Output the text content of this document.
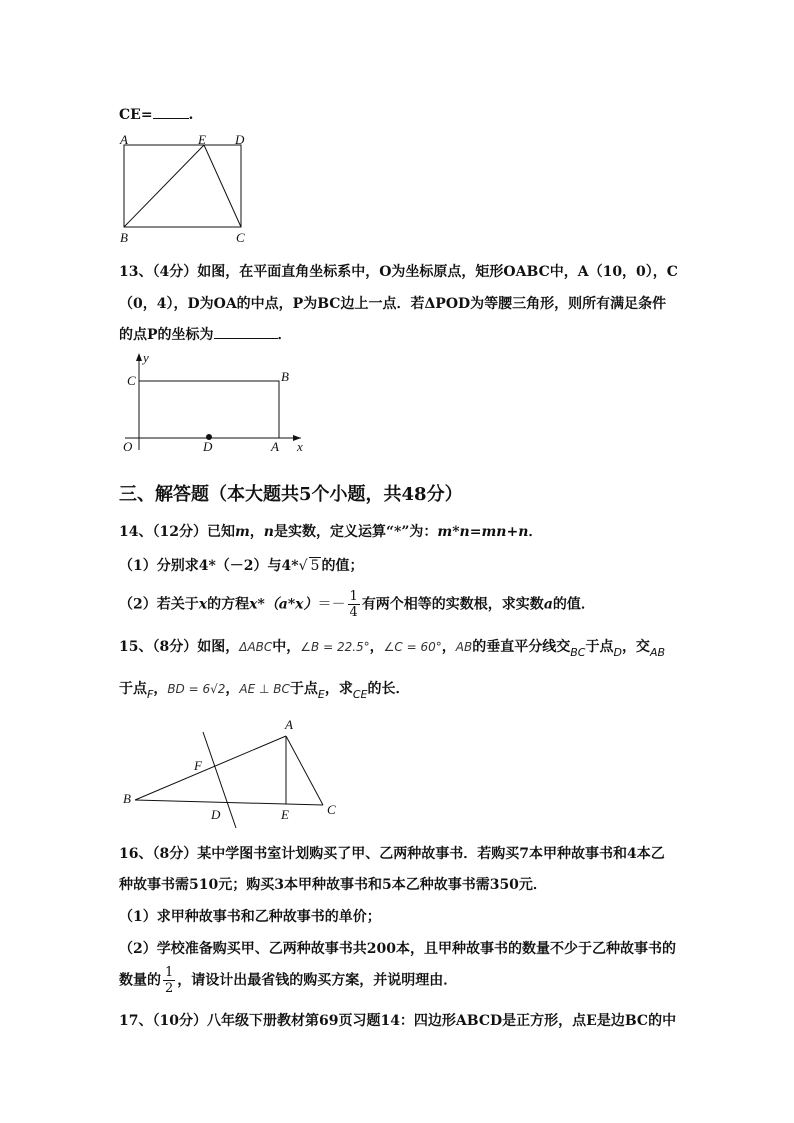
CE=	.
A	E D
B	C
13、（4分）如图，在平面直角坐标系中，O为坐标原点，矩形OABC中，A（10，0），C
（0，4），D为OA的中点，P为BC边上一点．若ΔPOD为等腰三角形，则所有满足条件
的点P的坐标为	．
y
x
C	B
O	D	A
三、解答题（本大题共5个小题，共48分）
14、（12分）已知m，n是实数，定义运算“*”为：m*n=mn+n．
（1）分别求4*（－2）与4*√ 5 的值；
（2）若关于x的方程$x*(a*x)=- \frac{1}{4}$ 有两个相等的实数根，求实数a的值．
15、（8分）如图，ΔABC中，∠B = 22.5°，∠C = 60°，AB的垂直平分线交$_{BC}$于点$_D$，交$_{AB}$
于点$_F$，BD = 6√2，AE ⊥ BC于点$_E$，求$_{CE}$的长．
A
F
B
D	E	C
16、（8分）某中学图书室计划购买了甲、乙两种故事书．若购买7本甲种故事书和4本乙
种故事书需510元；购买3本甲种故事书和5本乙种故事书需350元．
（1）求甲种故事书和乙种故事书的单价；
（2）学校准备购买甲、乙两种故事书共200本，且甲种故事书的数量不少于乙种故事书的
数量的 $\frac{1}{2}$ ，请设计出最省钱的购买方案，并说明理由．
17、（10分）八年级下册教材第69页习题14：四边形ABCD是正方形，点E是边BC的中
